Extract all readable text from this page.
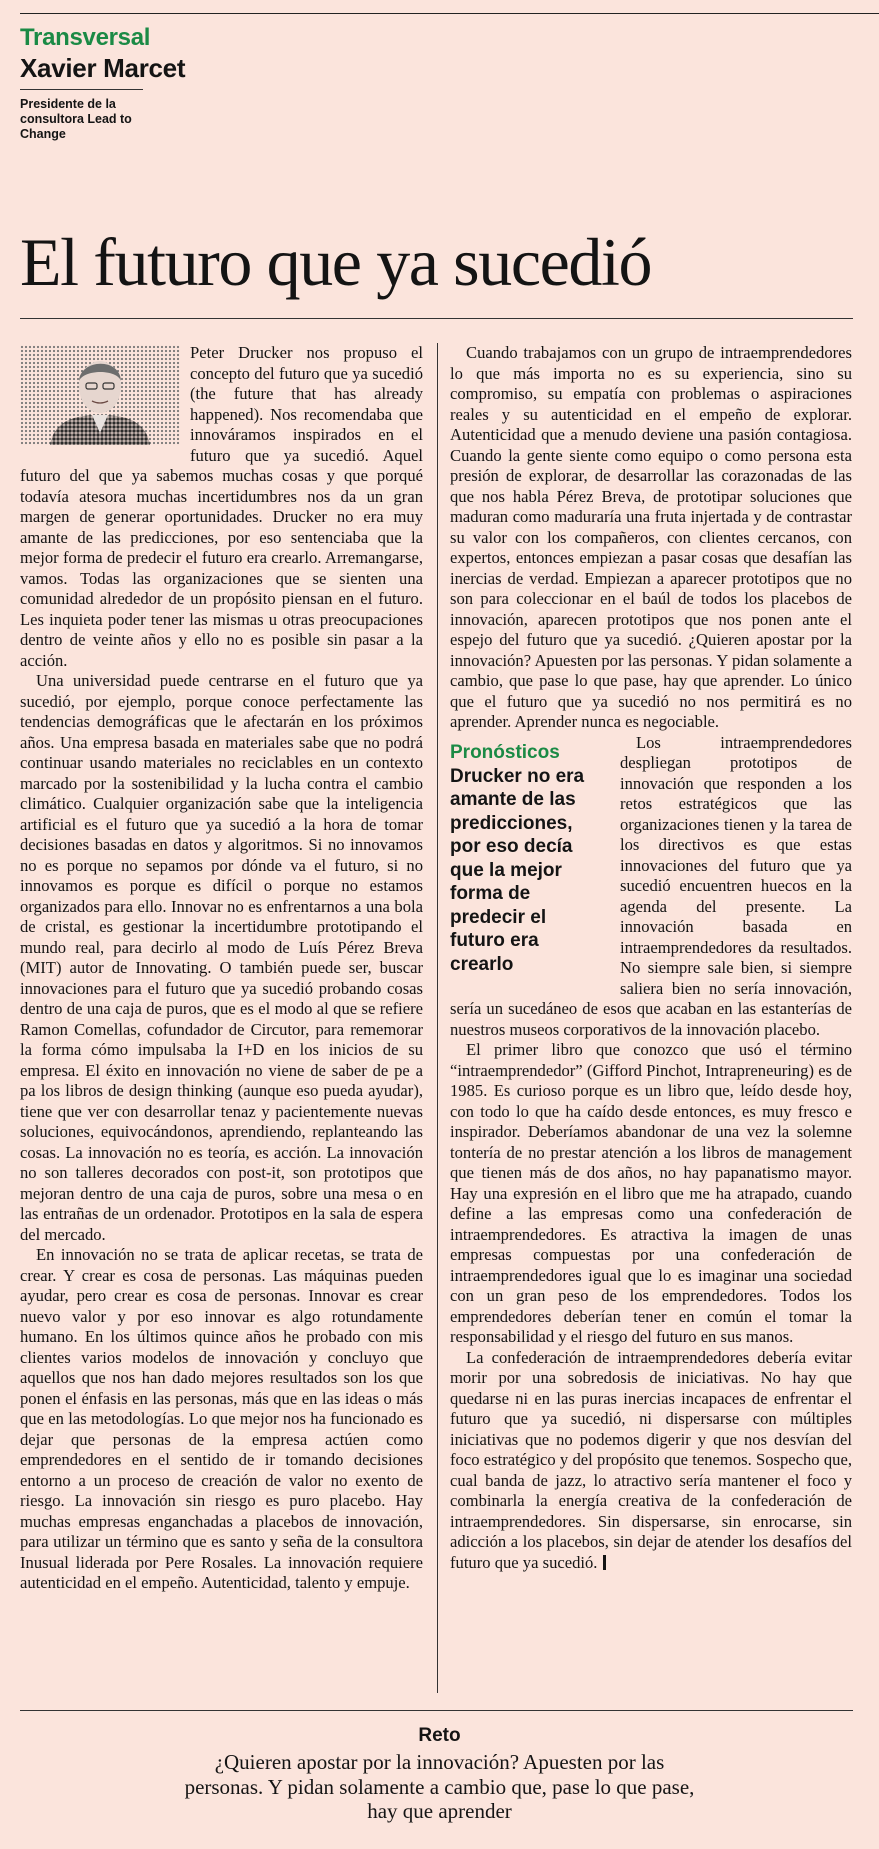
Transversal
Xavier Marcet
Presidente de la consultora Lead to Change
El futuro que ya sucedió

Peter Drucker nos propuso el concepto del futuro que ya sucedió (the future that has already happened). Nos recomendaba que innováramos inspirados en el futuro que ya sucedió. Aquel futuro del que ya sabemos muchas cosas y que porqué todavía atesora muchas incertidumbres nos da un gran margen de generar oportunidades. Drucker no era muy amante de las predicciones, por eso sentenciaba que la mejor forma de predecir el futuro era crearlo. Arremangarse, vamos. Todas las organizaciones que se sienten una comunidad alrededor de un propósito piensan en el futuro. Les inquieta poder tener las mismas u otras preocupaciones dentro de veinte años y ello no es posible sin pasar a la acción.

Una universidad puede centrarse en el futuro que ya sucedió, por ejemplo, porque conoce perfectamente las tendencias demográficas que le afectarán en los próximos años. Una empresa basada en materiales sabe que no podrá continuar usando materiales no reciclables en un contexto marcado por la sostenibilidad y la lucha contra el cambio climático. Cualquier organización sabe que la inteligencia artificial es el futuro que ya sucedió a la hora de tomar decisiones basadas en datos y algoritmos. Si no innovamos no es porque no sepamos por dónde va el futuro, si no innovamos es porque es difícil o porque no estamos organizados para ello. Innovar no es enfrentarnos a una bola de cristal, es gestionar la incertidumbre prototipando el mundo real, para decirlo al modo de Luís Pérez Breva (MIT) autor de Innovating. O también puede ser, buscar innovaciones para el futuro que ya sucedió probando cosas dentro de una caja de puros, que es el modo al que se refiere Ramon Comellas, cofundador de Circutor, para rememorar la forma cómo impulsaba la I+D en los inicios de su empresa. El éxito en innovación no viene de saber de pe a pa los libros de design thinking (aunque eso pueda ayudar), tiene que ver con desarrollar tenaz y pacientemente nuevas soluciones, equivocándonos, aprendiendo, replanteando las cosas. La innovación no es teoría, es acción. La innovación no son talleres decorados con post-it, son prototipos que mejoran dentro de una caja de puros, sobre una mesa o en las entrañas de un ordenador. Prototipos en la sala de espera del mercado.

En innovación no se trata de aplicar recetas, se trata de crear. Y crear es cosa de personas. Las máquinas pueden ayudar, pero crear es cosa de personas. Innovar es crear nuevo valor y por eso innovar es algo rotundamente humano. En los últimos quince años he probado con mis clientes varios modelos de innovación y concluyo que aquellos que nos han dado mejores resultados son los que ponen el énfasis en las personas, más que en las ideas o más que en las metodologías. Lo que mejor nos ha funcionado es dejar que personas de la empresa actúen como emprendedores en el sentido de ir tomando decisiones entorno a un proceso de creación de valor no exento de riesgo. La innovación sin riesgo es puro placebo. Hay muchas empresas enganchadas a placebos de innovación, para utilizar un término que es santo y seña de la consultora Inusual liderada por Pere Rosales. La innovación requiere autenticidad en el empeño. Autenticidad, talento y empuje.

Cuando trabajamos con un grupo de intraemprendedores lo que más importa no es su experiencia, sino su compromiso, su empatía con problemas o aspiraciones reales y su autenticidad en el empeño de explorar. Autenticidad que a menudo deviene una pasión contagiosa. Cuando la gente siente como equipo o como persona esta presión de explorar, de desarrollar las corazonadas de las que nos habla Pérez Breva, de prototipar soluciones que maduran como maduraría una fruta injertada y de contrastar su valor con los compañeros, con clientes cercanos, con expertos, entonces empiezan a pasar cosas que desafían las inercias de verdad. Empiezan a aparecer prototipos que no son para coleccionar en el baúl de todos los placebos de innovación, aparecen prototipos que nos ponen ante el espejo del futuro que ya sucedió. ¿Quieren apostar por la innovación? Apuesten por las personas. Y pidan solamente a cambio, que pase lo que pase, hay que aprender. Lo único que el futuro que ya sucedió no nos permitirá es no aprender. Aprender nunca es negociable.

Pronósticos
Drucker no era amante de las predicciones, por eso decía que la mejor forma de predecir el futuro era crearlo

Los intraemprendedores despliegan prototipos de innovación que responden a los retos estratégicos que las organizaciones tienen y la tarea de los directivos es que estas innovaciones del futuro que ya sucedió encuentren huecos en la agenda del presente. La innovación basada en intraemprendedores da resultados. No siempre sale bien, si siempre saliera bien no sería innovación, sería un sucedáneo de esos que acaban en las estanterías de nuestros museos corporativos de la innovación placebo.

El primer libro que conozco que usó el término “intraemprendedor” (Gifford Pinchot, Intrapreneuring) es de 1985. Es curioso porque es un libro que, leído desde hoy, con todo lo que ha caído desde entonces, es muy fresco e inspirador. Deberíamos abandonar de una vez la solemne tontería de no prestar atención a los libros de management que tienen más de dos años, no hay papanatismo mayor. Hay una expresión en el libro que me ha atrapado, cuando define a las empresas como una confederación de intraemprendedores. Es atractiva la imagen de unas empresas compuestas por una confederación de intraemprendedores igual que lo es imaginar una sociedad con un gran peso de los emprendedores. Todos los emprendedores deberían tener en común el tomar la responsabilidad y el riesgo del futuro en sus manos.

La confederación de intraemprendedores debería evitar morir por una sobredosis de iniciativas. No hay que quedarse ni en las puras inercias incapaces de enfrentar el futuro que ya sucedió, ni dispersarse con múltiples iniciativas que no podemos digerir y que nos desvían del foco estratégico y del propósito que tenemos. Sospecho que, cual banda de jazz, lo atractivo sería mantener el foco y combinarla la energía creativa de la confederación de intraemprendedores. Sin dispersarse, sin enrocarse, sin adicción a los placebos, sin dejar de atender los desafíos del futuro que ya sucedió.

Reto
¿Quieren apostar por la innovación? Apuesten por las personas. Y pidan solamente a cambio que, pase lo que pase, hay que aprender
